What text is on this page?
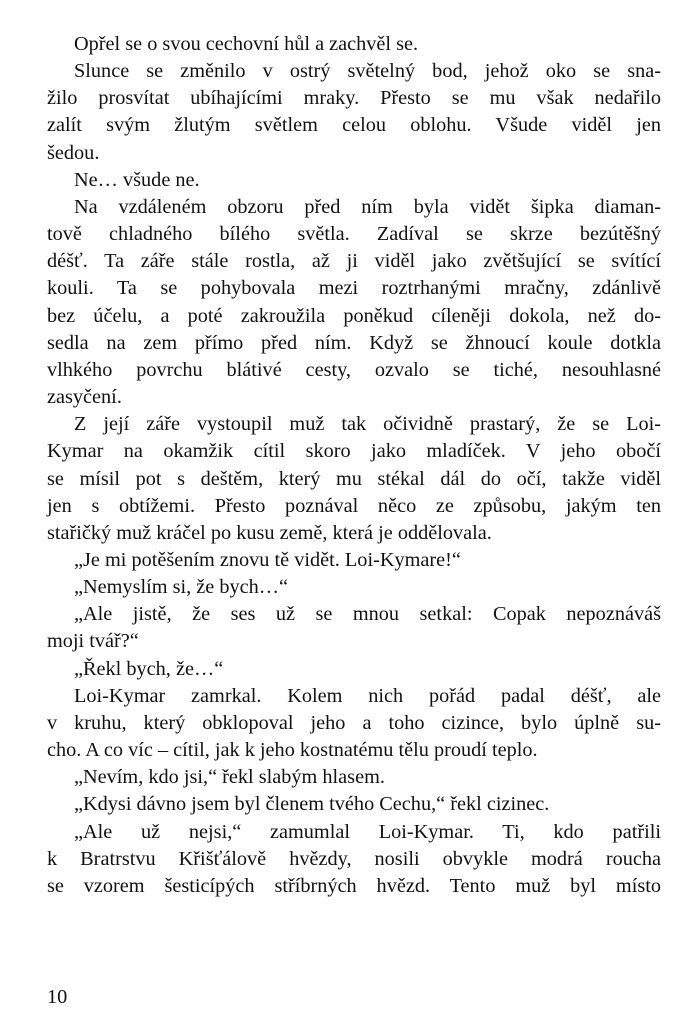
Opřel se o svou cechovní hůl a zachvěl se.
Slunce se změnilo v ostrý světelný bod, jehož oko se sna-
žilo prosvítat ubíhajícími mraky. Přesto se mu však nedařilo
zalít svým žlutým světlem celou oblohu. Všude viděl jen
šedou.
Ne… všude ne.
Na vzdáleném obzoru před ním byla vidět šipka diaman-
tově chladného bílého světla. Zadíval se skrze bezútěšný
déšť. Ta záře stále rostla, až ji viděl jako zvětšující se svítící
kouli. Ta se pohybovala mezi roztrhanými mračny, zdánlivě
bez účelu, a poté zakroužila poněkud cíleněji dokola, než do-
sedla na zem přímo před ním. Když se žhnoucí koule dotkla
vlhkého povrchu blátivé cesty, ozvalo se tiché, nesouhlasné
zasyčení.
Z její záře vystoupil muž tak očividně prastarý, že se Loi-
Kymar na okamžik cítil skoro jako mladíček. V jeho obočí
se mísil pot s deštěm, který mu stékal dál do očí, takže viděl
jen s obtížemi. Přesto poznával něco ze způsobu, jakým ten
stařičký muž kráčel po kusu země, která je oddělovala.
„Je mi potěšením znovu tě vidět. Loi-Kymare!“
„Nemyslím si, že bych…“
„Ale jistě, že ses už se mnou setkal: Copak nepoznáváš
moji tvář?“
„Řekl bych, že…“
Loi-Kymar zamrkal. Kolem nich pořád padal déšť, ale
v kruhu, který obklopoval jeho a toho cizince, bylo úplně su-
cho. A co víc – cítil, jak k jeho kostnatému tělu proudí teplo.
„Nevím, kdo jsi,“ řekl slabým hlasem.
„Kdysi dávno jsem byl členem tvého Cechu,“ řekl cizinec.
„Ale už nejsi,“ zamumlal Loi-Kymar. Ti, kdo patřili
k Bratrstvu Křišťálově hvězdy, nosili obvykle modrá roucha
se vzorem šesticípých stříbrných hvězd. Tento muž byl místo
10
